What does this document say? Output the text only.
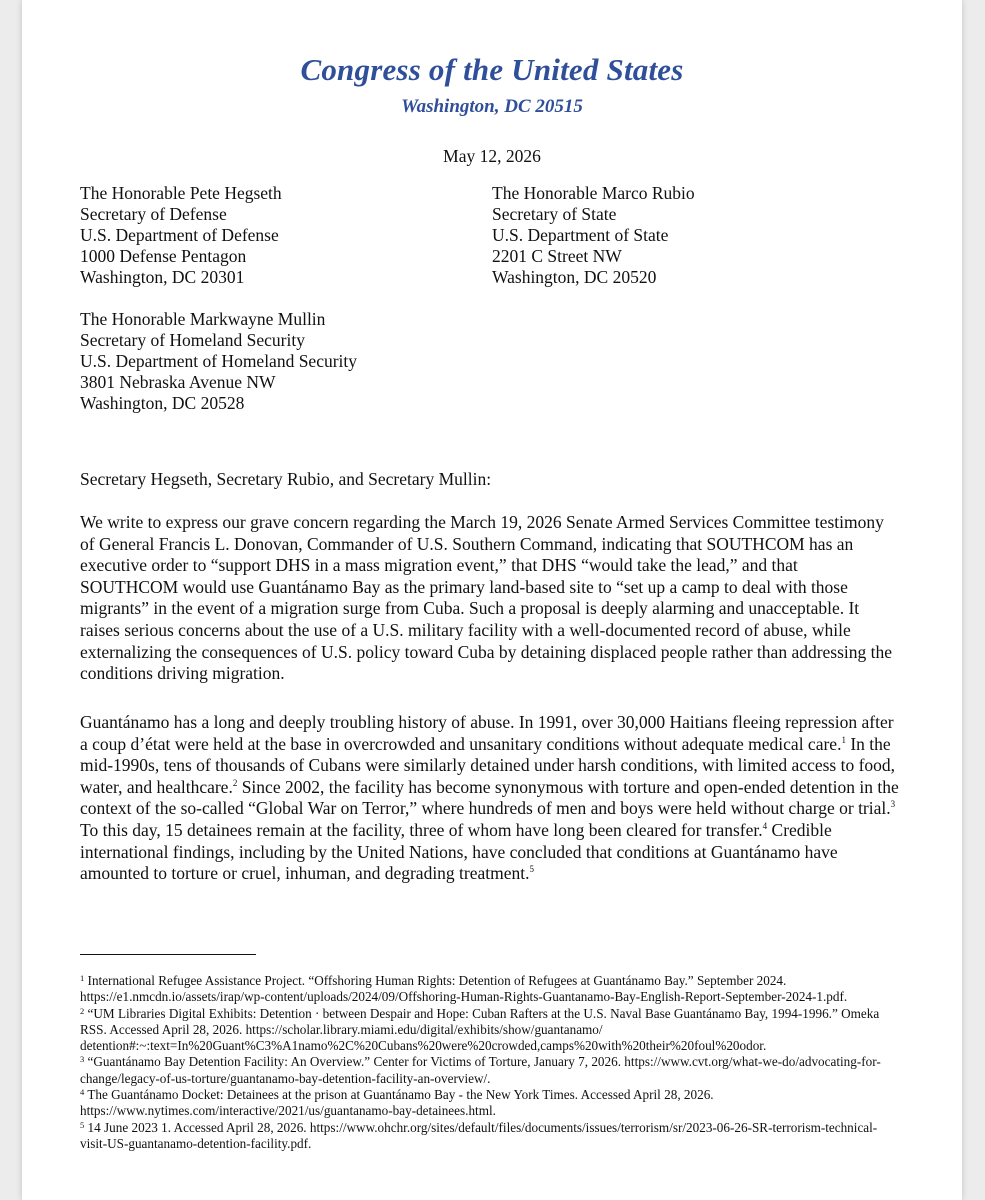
Congress of the United States
Washington, DC 20515
May 12, 2026
The Honorable Pete Hegseth
Secretary of Defense
U.S. Department of Defense
1000 Defense Pentagon
Washington, DC 20301
The Honorable Marco Rubio
Secretary of State
U.S. Department of State
2201 C Street NW
Washington, DC 20520
The Honorable Markwayne Mullin
Secretary of Homeland Security
U.S. Department of Homeland Security
3801 Nebraska Avenue NW
Washington, DC 20528
Secretary Hegseth, Secretary Rubio, and Secretary Mullin:

We write to express our grave concern regarding the March 19, 2026 Senate Armed Services Committee testimony of General Francis L. Donovan, Commander of U.S. Southern Command, indicating that SOUTHCOM has an executive order to “support DHS in a mass migration event,” that DHS “would take the lead,” and that SOUTHCOM would use Guantánamo Bay as the primary land-based site to “set up a camp to deal with those migrants” in the event of a migration surge from Cuba. Such a proposal is deeply alarming and unacceptable. It raises serious concerns about the use of a U.S. military facility with a well-documented record of abuse, while externalizing the consequences of U.S. policy toward Cuba by detaining displaced people rather than addressing the conditions driving migration.

Guantánamo has a long and deeply troubling history of abuse. In 1991, over 30,000 Haitians fleeing repression after a coup d’état were held at the base in overcrowded and unsanitary conditions without adequate medical care.$^1$ In the mid-1990s, tens of thousands of Cubans were similarly detained under harsh conditions, with limited access to food, water, and healthcare.$^2$ Since 2002, the facility has become synonymous with torture and open-ended detention in the context of the so-called “Global War on Terror,” where hundreds of men and boys were held without charge or trial.$^3$ To this day, 15 detainees remain at the facility, three of whom have long been cleared for transfer.$^4$ Credible international findings, including by the United Nations, have concluded that conditions at Guantánamo have amounted to torture or cruel, inhuman, and degrading treatment.$^5$

$^1$ International Refugee Assistance Project. “Offshoring Human Rights: Detention of Refugees at Guantánamo Bay.” September 2024. https://e1.nmcdn.io/assets/irap/wp-content/uploads/2024/09/Offshoring-Human-Rights-Guantanamo-Bay-English-Report-September-2024-1.pdf.

$^2$ “UM Libraries Digital Exhibits: Detention · between Despair and Hope: Cuban Rafters at the U.S. Naval Base Guantánamo Bay, 1994-1996.” Omeka RSS. Accessed April 28, 2026. https://scholar.library.miami.edu/digital/exhibits/show/guantanamo/ detention#:~:text=In%20Guant%C3%A1namo%2C%20Cubans%20were%20crowded,camps%20with%20their%20foul%20odor.

$^3$ “Guantánamo Bay Detention Facility: An Overview.” Center for Victims of Torture, January 7, 2026. https://www.cvt.org/what-we-do/advocating-for-change/legacy-of-us-torture/guantanamo-bay-detention-facility-an-overview/.

$^4$ The Guantánamo Docket: Detainees at the prison at Guantánamo Bay - the New York Times. Accessed April 28, 2026. https://www.nytimes.com/interactive/2021/us/guantanamo-bay-detainees.html.

$^5$ 14 June 2023 1. Accessed April 28, 2026. https://www.ohchr.org/sites/default/files/documents/issues/terrorism/sr/2023-06-26-SR-terrorism-technical-visit-US-guantanamo-detention-facility.pdf.
